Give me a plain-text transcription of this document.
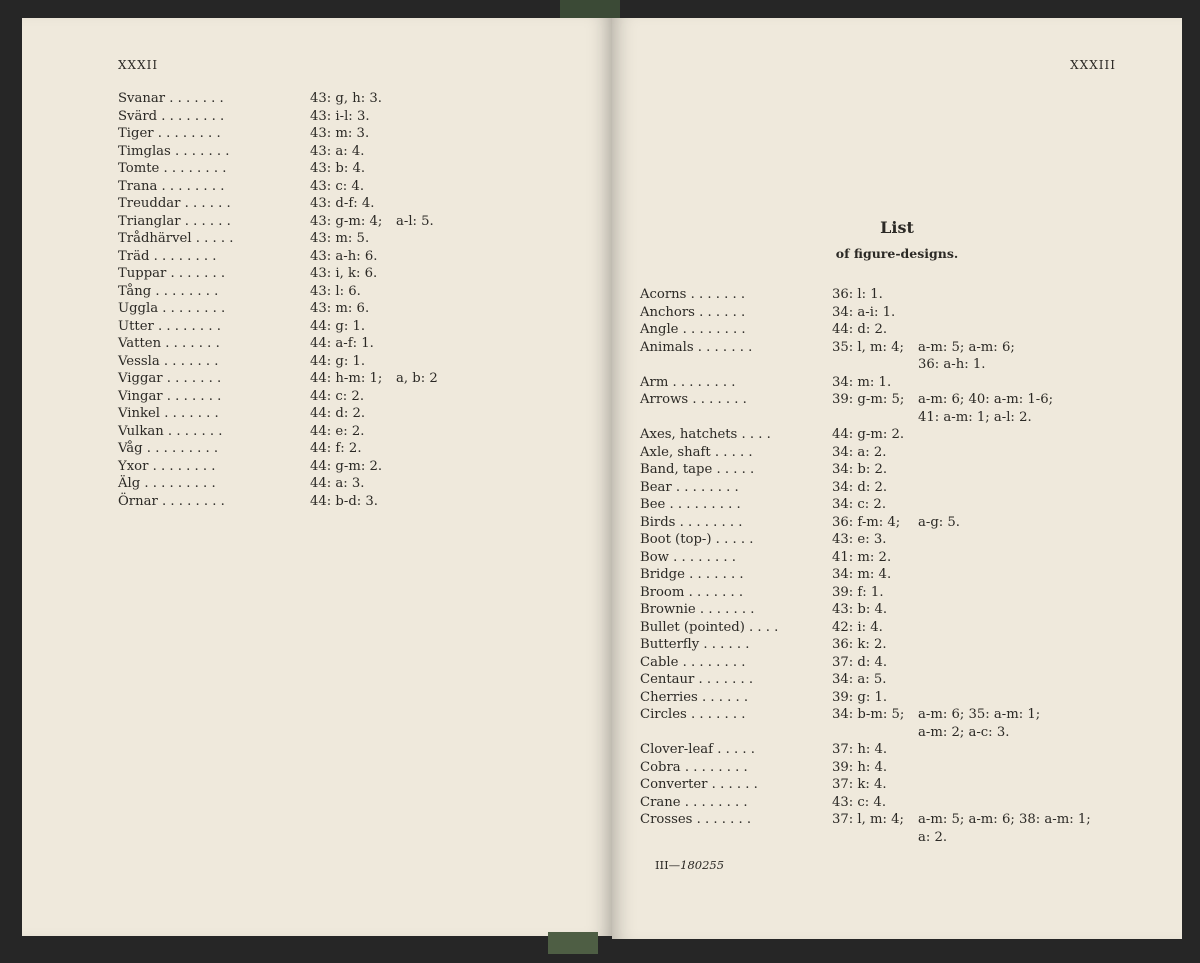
XXXII	XXXIII
List
of figure-designs.
Svanar . . . . . . .	43: g, h: 3.
Svärd . . . . . . . .	43: i-l: 3.
Tiger . . . . . . . .	43: m: 3.
Timglas . . . . . . .	43: a: 4.
Tomte . . . . . . . .	43: b: 4.
Trana . . . . . . . .	43: c: 4.
Treuddar . . . . . .	43: d-f: 4.
Trianglar . . . . . .	43: g-m: 4; a-l: 5.
Trådhärvel . . . . .	43: m: 5.
Träd . . . . . . . .	43: a-h: 6.
Tuppar . . . . . . .	43: i, k: 6.
Tång . . . . . . . .	43: l: 6.
Uggla . . . . . . . .	43: m: 6.
Utter . . . . . . . .	44: g: 1.
Vatten . . . . . . .	44: a-f: 1.
Vessla . . . . . . .	44: g: 1.
Viggar . . . . . . .	44: h-m: 1; a, b: 2
Vingar . . . . . . .	44: c: 2.
Vinkel . . . . . . .	44: d: 2.
Vulkan . . . . . . .	44: e: 2.
Våg . . . . . . . . .	44: f: 2.
Yxor . . . . . . . .	44: g-m: 2.
Älg . . . . . . . . .	44: a: 3.
Örnar . . . . . . . .	44: b-d: 3.
Acorns . . . . . . .	36: l: 1.
Anchors . . . . . .	34: a-i: 1.
Angle . . . . . . . .	44: d: 2.
Animals . . . . . . .	35: l, m: 4; a-m: 5; a-m: 6;
36: a-h: 1.
Arm . . . . . . . .	34: m: 1.
Arrows . . . . . . .	39: g-m: 5; a-m: 6; 40: a-m: 1-6;
41: a-m: 1; a-l: 2.
Axes, hatchets . . . .	44: g-m: 2.
Axle, shaft . . . . .	34: a: 2.
Band, tape . . . . .	34: b: 2.
Bear . . . . . . . .	34: d: 2.
Bee . . . . . . . . .	34: c: 2.
Birds . . . . . . . .	36: f-m: 4; a-g: 5.
Boot (top-) . . . . .	43: e: 3.
Bow . . . . . . . .	41: m: 2.
Bridge . . . . . . .	34: m: 4.
Broom . . . . . . .	39: f: 1.
Brownie . . . . . . .	43: b: 4.
Bullet (pointed) . . . .	42: i: 4.
Butterfly . . . . . .	36: k: 2.
Cable . . . . . . . .	37: d: 4.
Centaur . . . . . . .	34: a: 5.
Cherries . . . . . .	39: g: 1.
Circles . . . . . . .	34: b-m: 5; a-m: 6; 35: a-m: 1;
a-m: 2; a-c: 3.
Clover-leaf . . . . .	37: h: 4.
Cobra . . . . . . . .	39: h: 4.
Converter . . . . . .	37: k: 4.
Crane . . . . . . . .	43: c: 4.
Crosses . . . . . . .	37: l, m: 4; a-m: 5; a-m: 6; 38: a-m: 1;
a: 2.
III—180255
